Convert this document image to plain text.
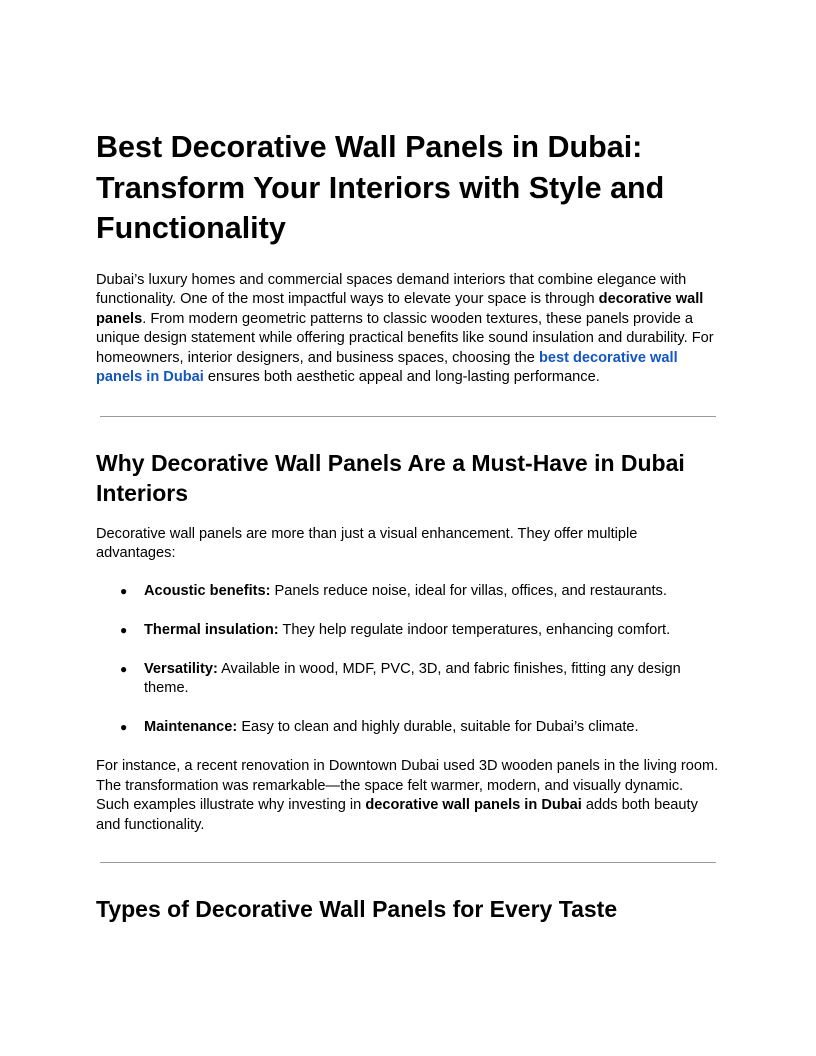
Best Decorative Wall Panels in Dubai: Transform Your Interiors with Style and Functionality

Dubai’s luxury homes and commercial spaces demand interiors that combine elegance with functionality. One of the most impactful ways to elevate your space is through decorative wall panels. From modern geometric patterns to classic wooden textures, these panels provide a unique design statement while offering practical benefits like sound insulation and durability. For homeowners, interior designers, and business spaces, choosing the best decorative wall panels in Dubai ensures both aesthetic appeal and long-lasting performance.

Why Decorative Wall Panels Are a Must-Have in Dubai Interiors

Decorative wall panels are more than just a visual enhancement. They offer multiple advantages:

● Acoustic benefits: Panels reduce noise, ideal for villas, offices, and restaurants.
● Thermal insulation: They help regulate indoor temperatures, enhancing comfort.
● Versatility: Available in wood, MDF, PVC, 3D, and fabric finishes, fitting any design theme.
● Maintenance: Easy to clean and highly durable, suitable for Dubai’s climate.

For instance, a recent renovation in Downtown Dubai used 3D wooden panels in the living room. The transformation was remarkable—the space felt warmer, modern, and visually dynamic. Such examples illustrate why investing in decorative wall panels in Dubai adds both beauty and functionality.

Types of Decorative Wall Panels for Every Taste
